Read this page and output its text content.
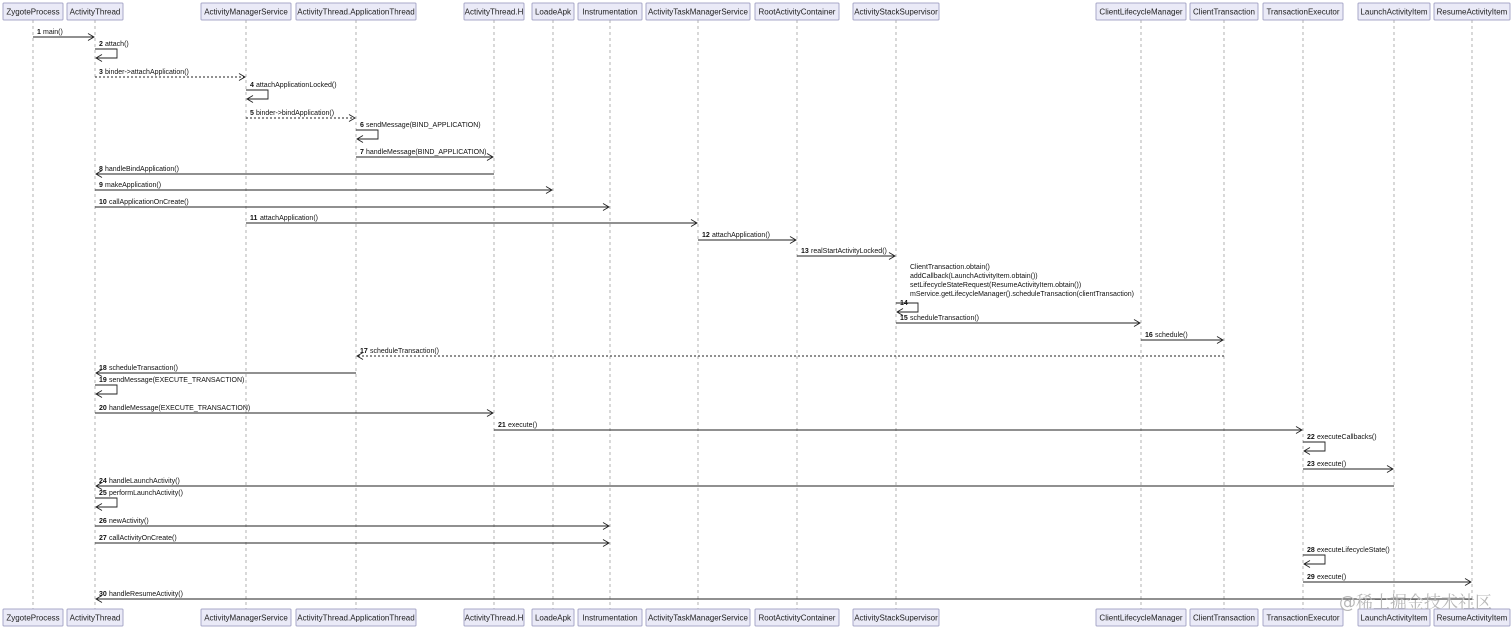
ZygoteProcess ActivityThread	ActivityManagerService ActivityThread.ApplicationThread	ActivityThread.H LoadeApk Instrumentation ActivityTaskManagerService RootActivityContainer ActivityStackSupervisor	ClientLifecycleManager ClientTransaction TransactionExecutor	LaunchActivityItem ResumeActivityItem
ZygoteProcess ActivityThread	ActivityManagerService ActivityThread.ApplicationThread	ActivityThread.H LoadeApk Instrumentation ActivityTaskManagerService RootActivityContainer ActivityStackSupervisor	ClientLifecycleManager ClientTransaction TransactionExecutor	LaunchActivityItem ResumeActivityItem
1 main()
2 attach()
3 binder->attachApplication()
4 attachApplicationLocked()
5 binder->bindApplication()
6 sendMessage(BIND_APPLICATION)
7 handleMessage(BIND_APPLICATION)
8 handleBindApplication()
9 makeApplication()
10 callApplicationOnCreate()
11 attachApplication()
12 attachApplication()
13 realStartActivityLocked()
14
ClientTransaction.obtain()
addCallback(LaunchActivityItem.obtain())
setLifecycleStateRequest(ResumeActivityItem.obtain())
mService.getLifecycleManager().scheduleTransaction(clientTransaction)
15 scheduleTransaction()
16 schedule()
17 scheduleTransaction()
18 scheduleTransaction()
19 sendMessage(EXECUTE_TRANSACTION)
20 handleMessage(EXECUTE_TRANSACTION)
21 execute()
22 executeCallbacks()
23 execute()
24 handleLaunchActivity()
25 performLaunchActivity()
26 newActivity()
27 callActivityOnCreate()
28 executeLifecycleState()
29 execute()
30 handleResumeActivity()	@稀土掘金技术社区
